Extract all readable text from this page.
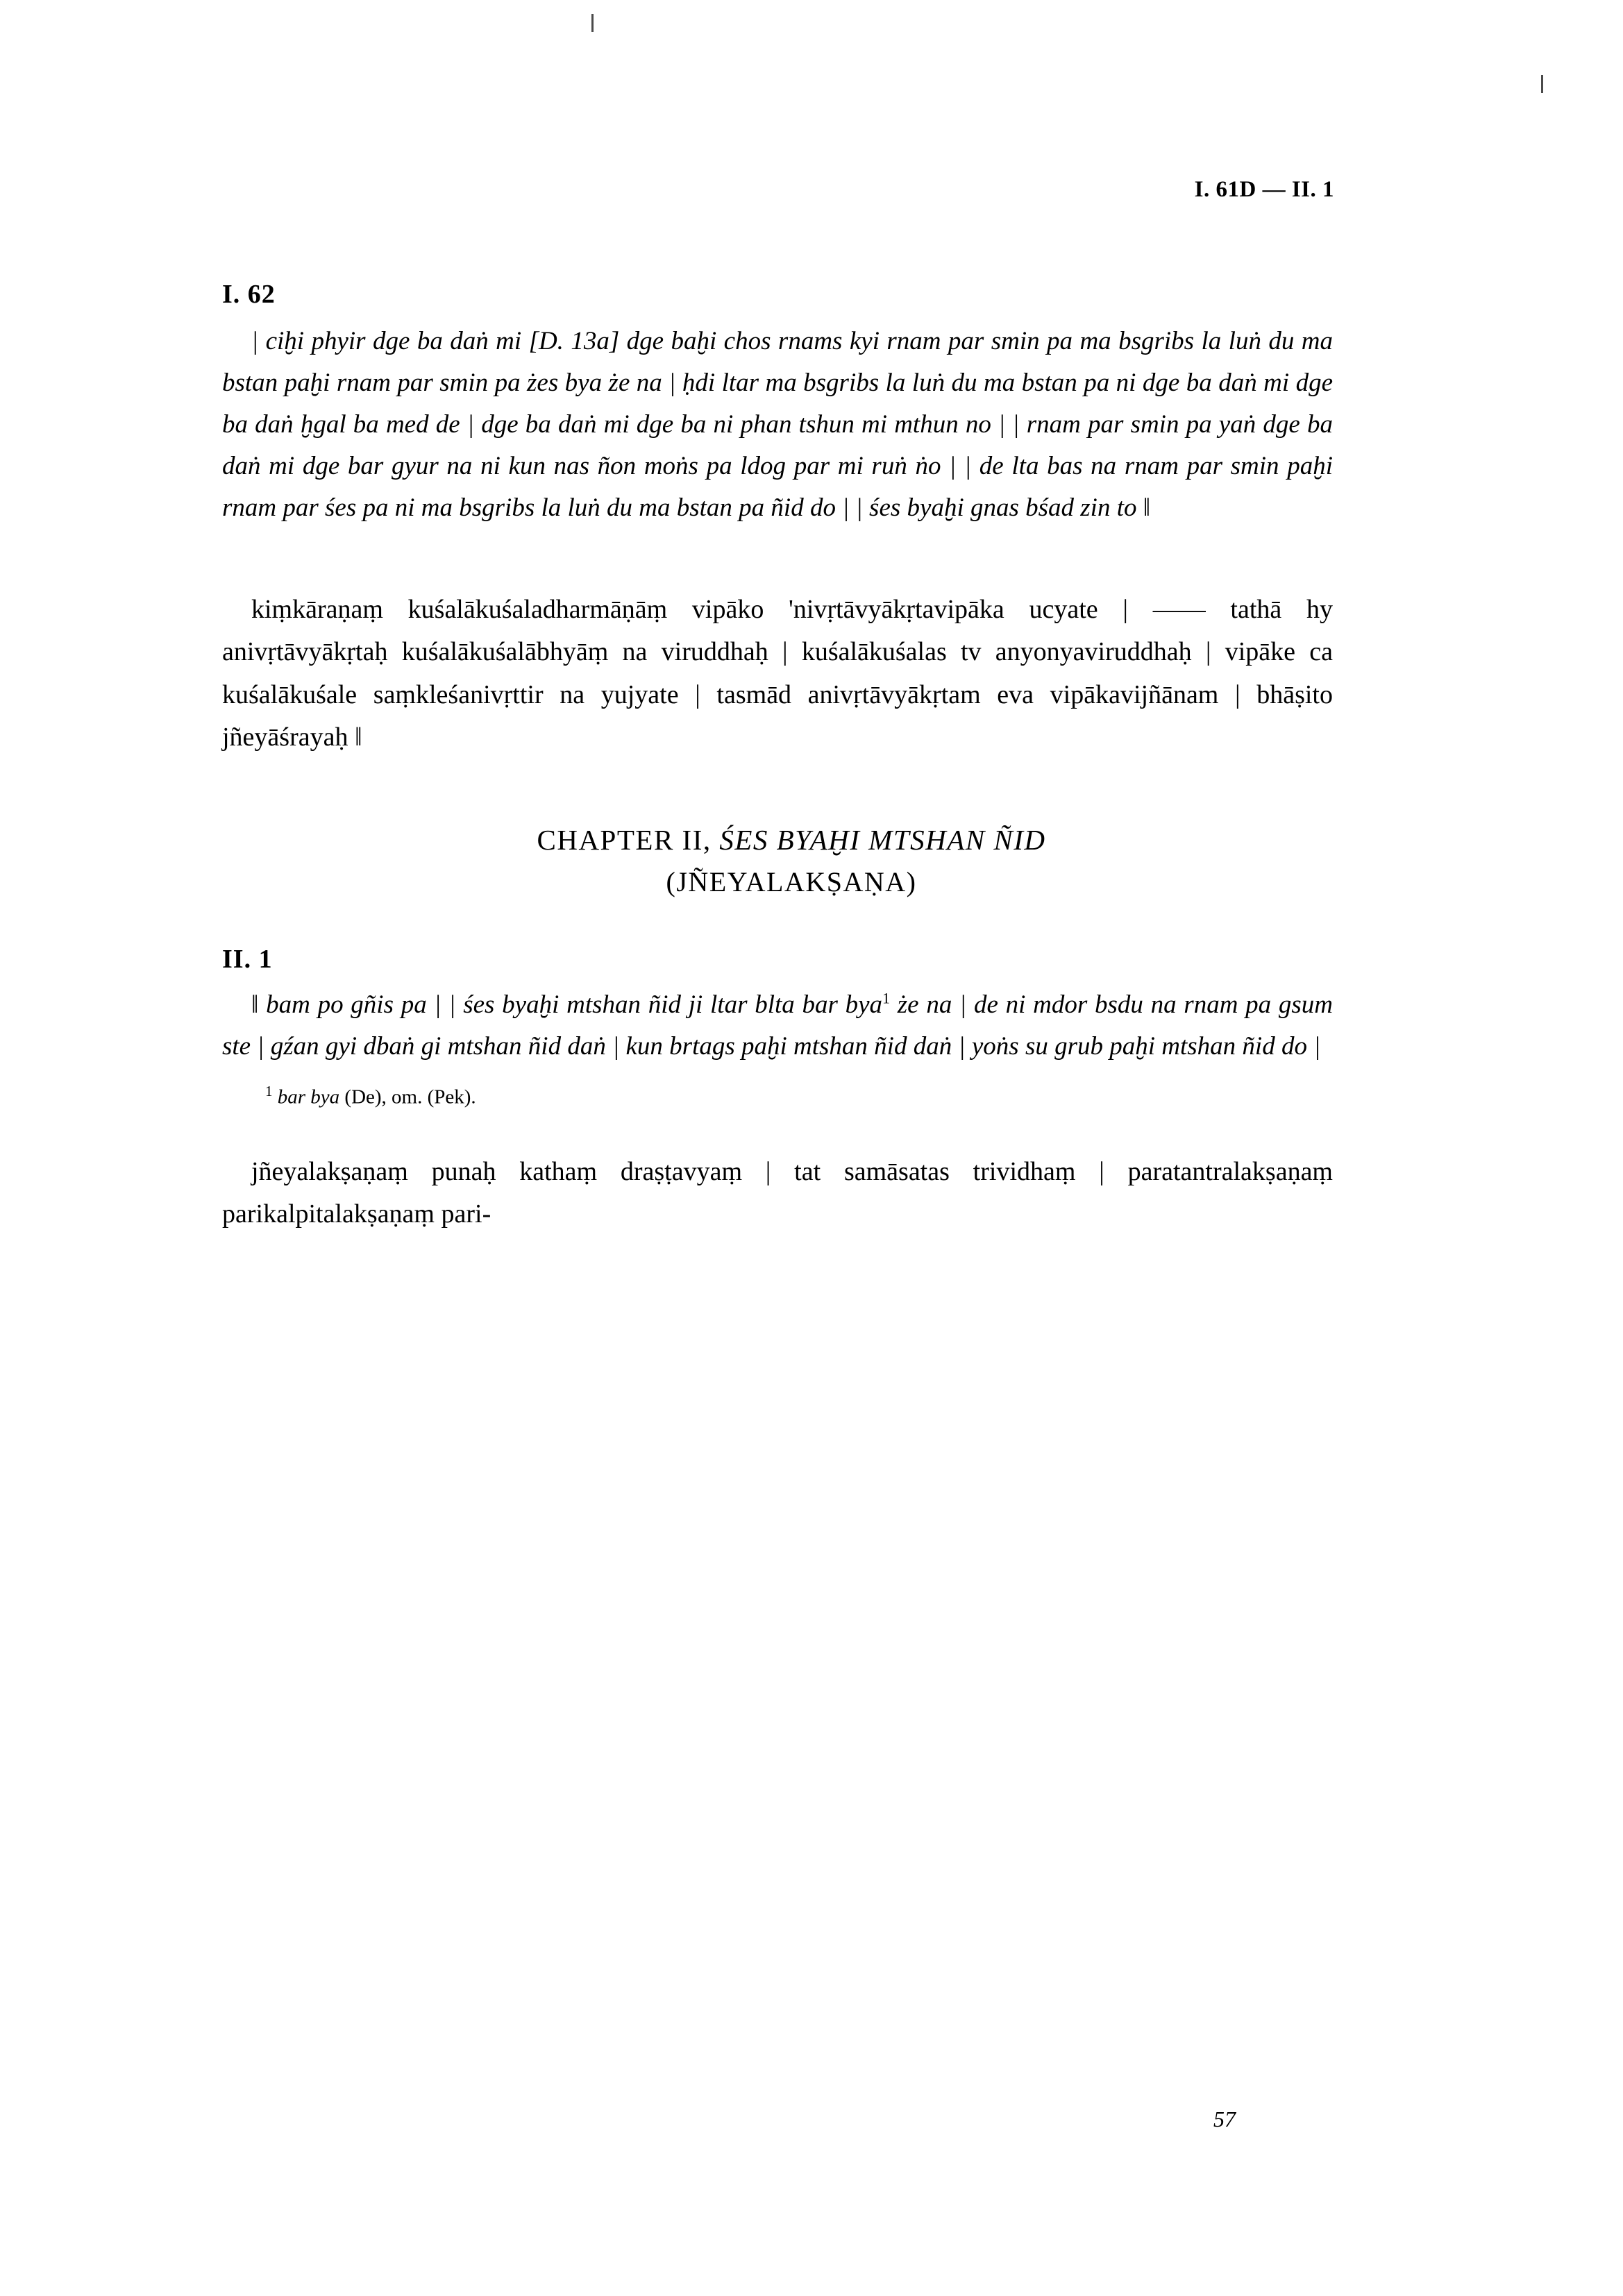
I. 61D — II. 1
I. 62
| ciḫi phyir dge ba daṅ mi [D. 13a] dge baḫi chos rnams kyi rnam par smin pa ma bsgribs la luṅ du ma bstan paḫi rnam par smin pa żes bya że na | ḥdi ltar ma bsgribs la luṅ du ma bstan pa ni dge ba daṅ mi dge ba daṅ ḫgal ba med de | dge ba daṅ mi dge ba ni phan tshun mi mthun no | | rnam par smin pa yaṅ dge ba daṅ mi dge bar gyur na ni kun nas ñon moṅs pa ldog par mi ruṅ ṅo | | de lta bas na rnam par smin paḫi rnam par śes pa ni ma bsgribs la luṅ du ma bstan pa ñid do | | śes byaḫi gnas bśad zin to ‖
kiṃkāraṇaṃ kuśalākuśaladharmāṇāṃ vipāko 'nivṛtāvyākṛtavipāka ucyate | —— tathā hy anivṛtāvyākṛtaḥ kuśalākuśalābhyāṃ na viruddhaḥ | kuśalākuśalas tv anyonyaviruddhaḥ | vipāke ca kuśalākuśale saṃkleśanivṛttir na yujyate | tasmād anivṛtāvyākṛtam eva vipākavijñānam | bhāṣito jñeyāśrayaḥ ‖
CHAPTER II, ŚES BYAḪI MTSHAN ÑID
(JÑEYALAKṢAṆA)
II. 1
‖ bam po gñis pa | | śes byaḫi mtshan ñid ji ltar blta bar bya$^1$ że na | de ni mdor bsdu na rnam pa gsum ste | gźan gyi dbaṅ gi mtshan ñid daṅ | kun brtags paḫi mtshan ñid daṅ | yoṅs su grub paḫi mtshan ñid do |
$^1$ bar bya (De), om. (Pek).
jñeyalakṣaṇaṃ punaḥ kathaṃ draṣṭavyaṃ | tat samāsatas trividhaṃ | paratantralakṣaṇaṃ parikalpitalakṣaṇaṃ pari-
57
